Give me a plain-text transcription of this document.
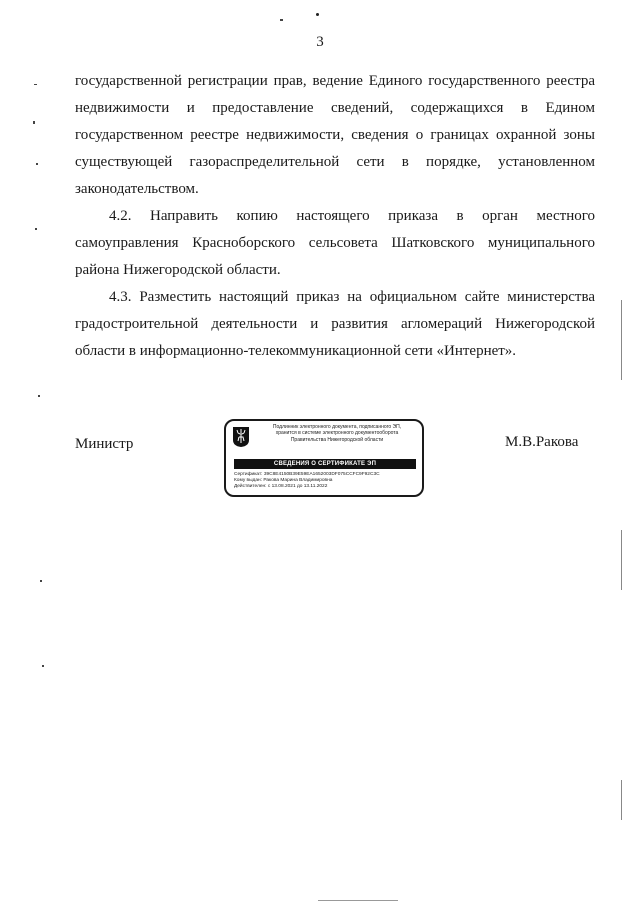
3

государственной регистрации прав, ведение Единого государственного реестра недвижимости и предоставление сведений, содержащихся в Едином государственном реестре недвижимости, сведения о границах охранной зоны существующей газораспределительной сети в порядке, установленном законодательством.

4.2. Направить копию настоящего приказа в орган местного самоуправления Красноборского сельсовета Шатковского муниципального района Нижегородской области.

4.3. Разместить настоящий приказ на официальном сайте министерства градостроительной деятельности и развития агломераций Нижегородской области в информационно-телекоммуникационной сети «Интернет».

Министр	М.В.Ракова
Подлинник электронного документа, подписанного ЭП,
хранится в системе электронного документооборота
Правительства Нижегородской области
СВЕДЕНИЯ О СЕРТИФИКАТЕ ЭП
Сертификат: 39C8E4150B39E59EA1652003DF075CCFC9F92C3C
Кому выдан: Ракова Марина Владимировна
Действителен: с 13.08.2021 до 13.11.2022
